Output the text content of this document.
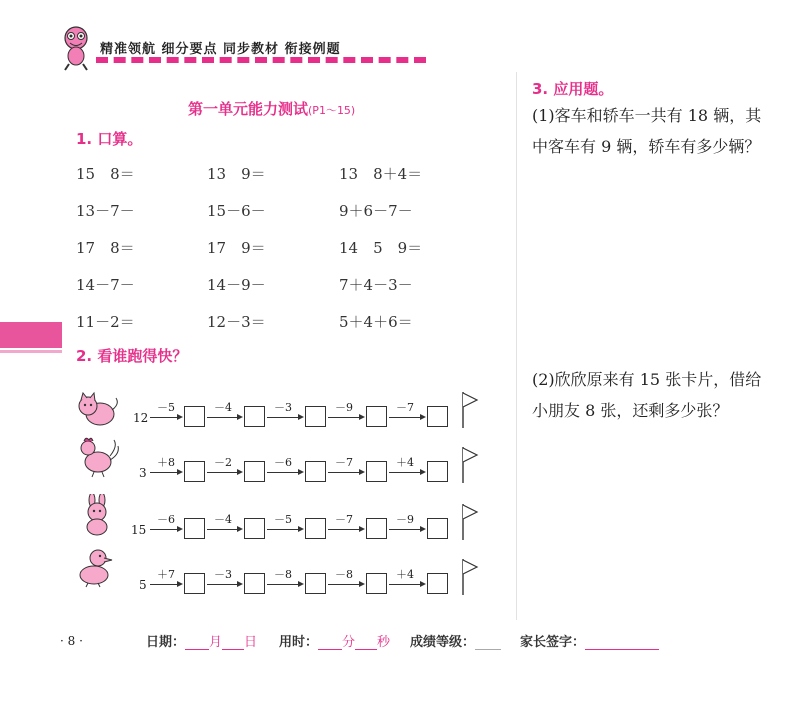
精准领航 细分要点 同步教材 衔接例题
第一单元能力测试(P1～15)
1. 口算。
15　8＝	13　9＝	13　8＋4＝
13－7－	15－6－	9＋6－7－
17　8＝	17　9＝	14　5　9＝
14－7－	14－9－	7＋4－3－
11－2＝	12－3＝	5＋4＋6＝
2. 看谁跑得快？
12
－5	－4	－3	－9	－7
3
＋8	－2	－6	－7	＋4
15
－6	－4	－5	－7	－9
5
＋7	－3	－8	－8	＋4
3. 应用题。
(1)客车和轿车一共有 18 辆，其中客车有 9 辆，轿车有多少辆？
(2)欣欣原来有 15 张卡片，借给小朋友 8 张，还剩多少张？
· 8 ·	日期： 月 日 用时： 分 秒 成绩等级：	家长签字：
